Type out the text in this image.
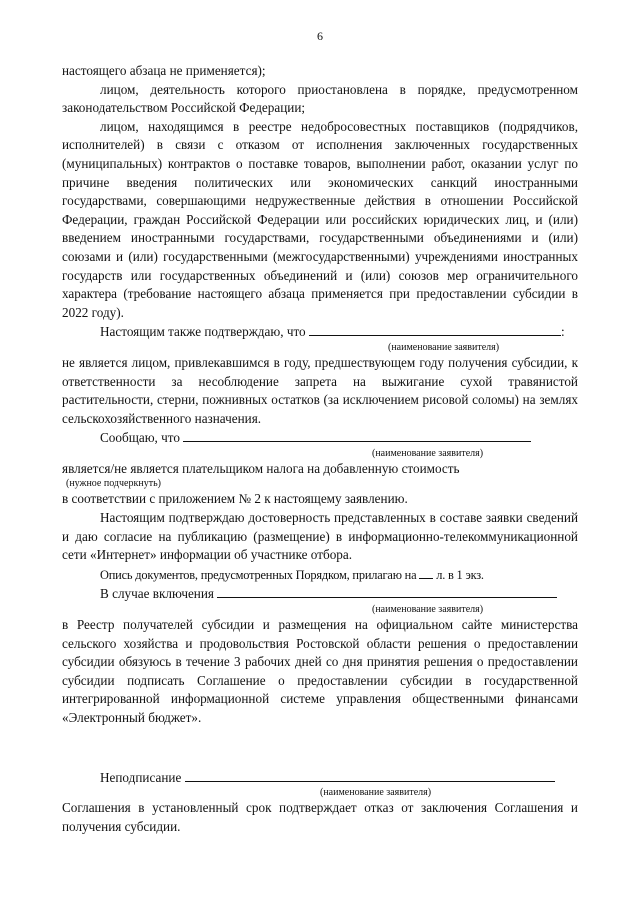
6

настоящего абзаца не применяется);

лицом, деятельность которого приостановлена в порядке, предусмотренном законодательством Российской Федерации;

лицом, находящимся в реестре недобросовестных поставщиков (подрядчиков, исполнителей) в связи с отказом от исполнения заключенных государственных (муниципальных) контрактов о поставке товаров, выполнении работ, оказании услуг по причине введения политических или экономических санкций иностранными государствами, совершающими недружественные действия в отношении Российской Федерации, граждан Российской Федерации или российских юридических лиц, и (или) введением иностранными государствами, государственными объединениями и (или) союзами и (или) государственными (межгосударственными) учреждениями иностранных государств или государственных объединений и (или) союзов мер ограничительного характера (требование настоящего абзаца применяется при предоставлении субсидии в 2022 году).

Настоящим также подтверждаю, что	:

(наименование заявителя)

не является лицом, привлекавшимся в году, предшествующем году получения субсидии, к ответственности за несоблюдение запрета на выжигание сухой травянистой растительности, стерни, пожнивных остатков (за исключением рисовой соломы) на землях сельскохозяйственного назначения.

Сообщаю, что

(наименование заявителя)

является/не является плательщиком налога на добавленную стоимость

(нужное подчеркнуть)

в соответствии с приложением № 2 к настоящему заявлению.

Настоящим подтверждаю достоверность представленных в составе заявки сведений и даю согласие на публикацию (размещение) в информационно-телекоммуникационной сети «Интернет» информации об участнике отбора.

Опись документов, предусмотренных Порядком, прилагаю на л. в 1 экз.

В случае включения

(наименование заявителя)

в Реестр получателей субсидии и размещения на официальном сайте министерства сельского хозяйства и продовольствия Ростовской области решения о предоставлении субсидии обязуюсь в течение 3 рабочих дней со дня принятия решения о предоставлении субсидии подписать Соглашение о предоставлении субсидии в государственной интегрированной информационной системе управления общественными финансами «Электронный бюджет».

Неподписание

(наименование заявителя)

Соглашения в установленный срок подтверждает отказ от заключения Соглашения и получения субсидии.
